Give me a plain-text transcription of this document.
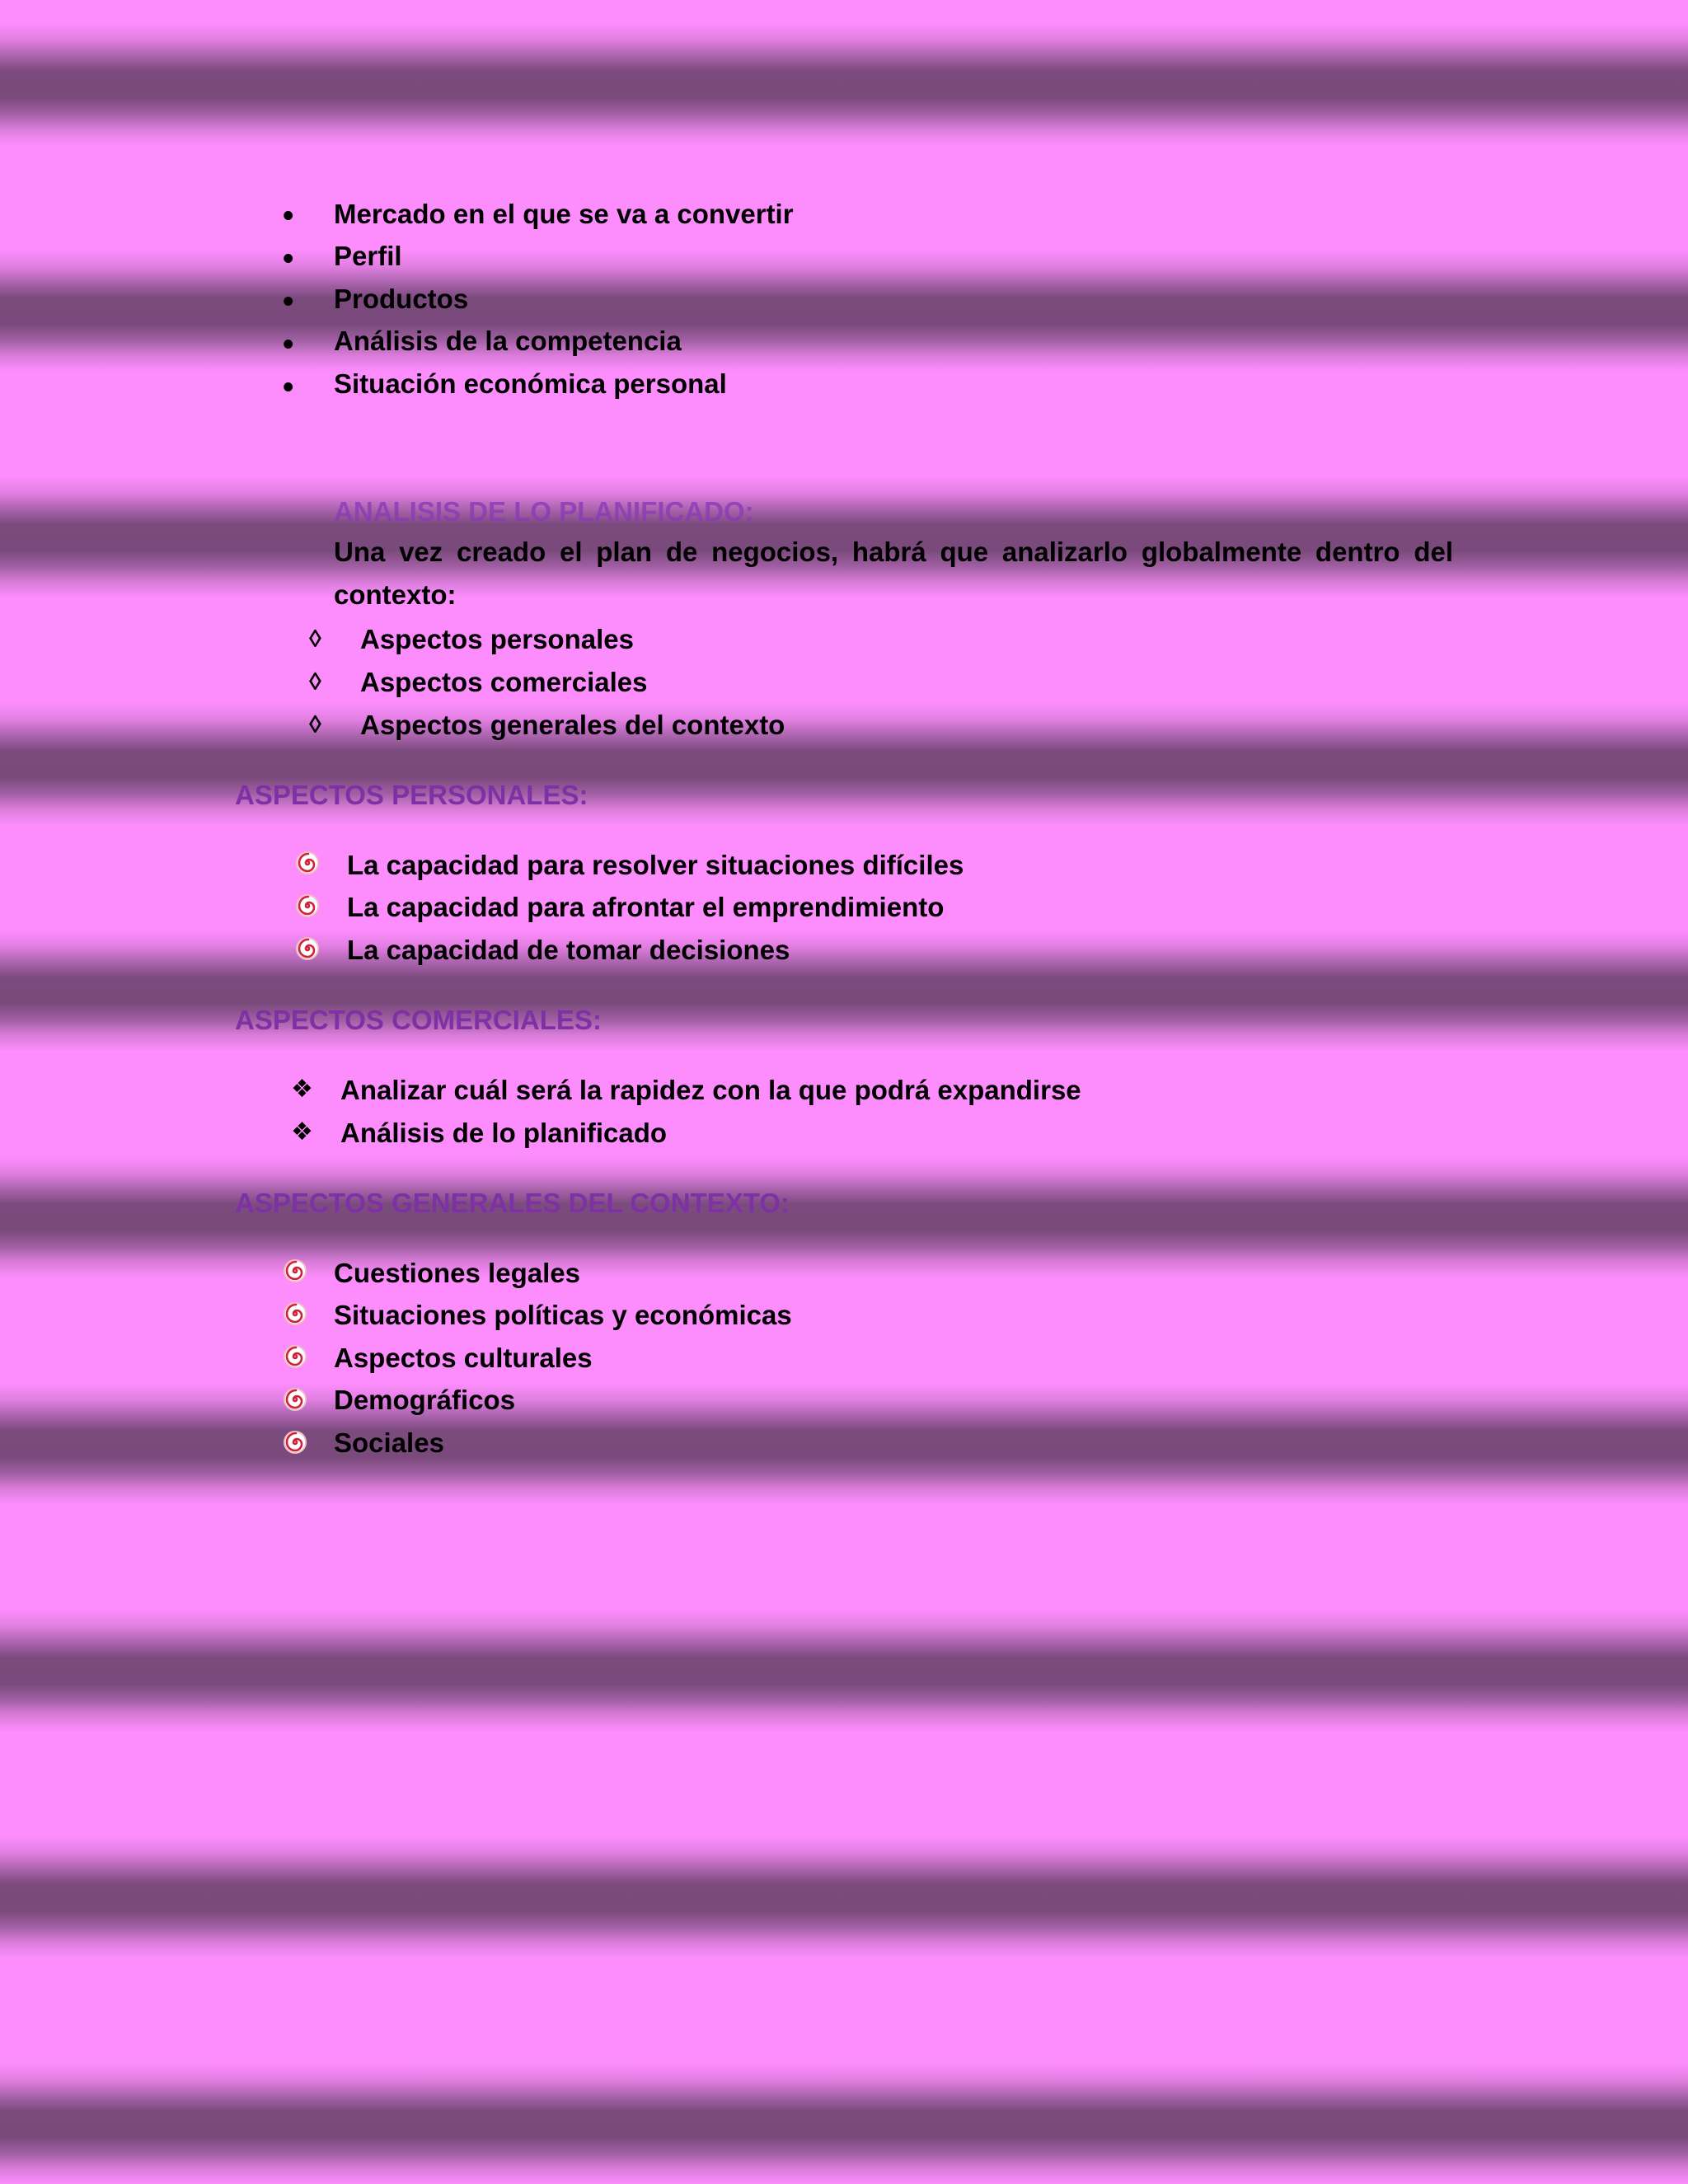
• Mercado en el que se va a convertir
• Perfil
• Productos
• Análisis de la competencia
• Situación económica personal
ANALISIS DE LO PLANIFICADO:

Una vez creado el plan de negocios, habrá que analizarlo globalmente dentro del contexto:

◊ Aspectos personales
◊ Aspectos comerciales
◊ Aspectos generales del contexto
ASPECTOS PERSONALES:
La capacidad para resolver situaciones difíciles
La capacidad para afrontar el emprendimiento
La capacidad de tomar decisiones
ASPECTOS COMERCIALES:
❖ Analizar cuál será la rapidez con la que podrá expandirse
❖ Análisis de lo planificado
ASPECTOS GENERALES DEL CONTEXTO:
Cuestiones legales
Situaciones políticas y económicas
Aspectos culturales
Demográficos
Sociales
